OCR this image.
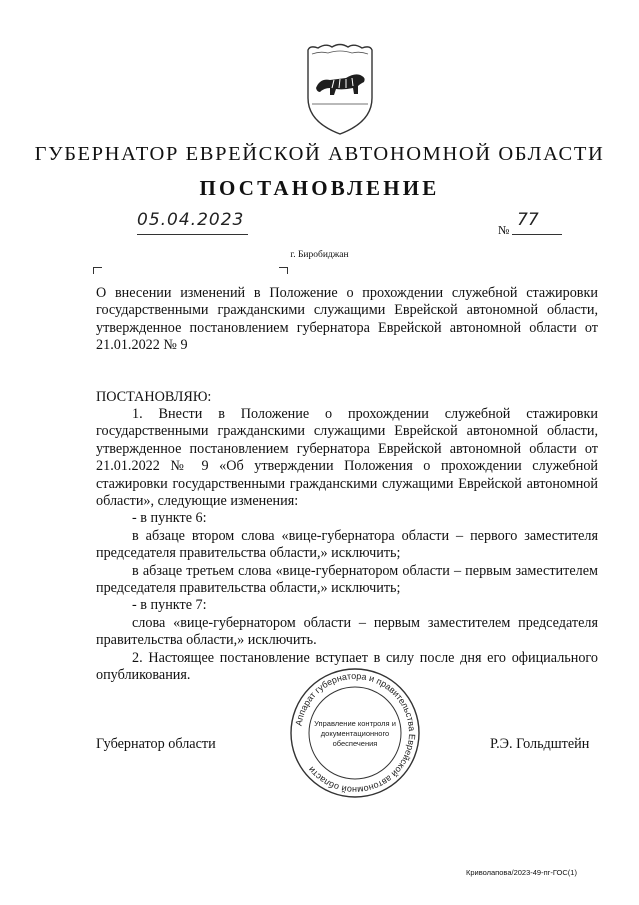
ГУБЕРНАТОР ЕВРЕЙСКОЙ АВТОНОМНОЙ ОБЛАСТИ
ПОСТАНОВЛЕНИЕ
05.04.2023	№ 77
г. Биробиджан
О внесении изменений в Положение о прохождении служебной стажировки государственными гражданскими служащими Еврейской автономной области, утвержденное постановлением губернатора Еврейской автономной области от 21.01.2022 № 9
ПОСТАНОВЛЯЮ:

1. Внести в Положение о прохождении служебной стажировки государственными гражданскими служащими Еврейской автономной области, утвержденное постановлением губернатора Еврейской автономной области от 21.01.2022 № 9 «Об утверждении Положения о прохождении служебной стажировки государственными гражданскими служащими Еврейской автономной области», следующие изменения:

- в пункте 6:

в абзаце втором слова «вице-губернатора области – первого заместителя председателя правительства области,» исключить;

в абзаце третьем слова «вице-губернатором области – первым заместителем председателя правительства области,» исключить;

- в пункте 7:

слова «вице-губернатором области – первым заместителем председателя правительства области,» исключить.

2. Настоящее постановление вступает в силу после дня его официального опубликования.

Губернатор области	Р.Э. Гольдштейн
Аппарат губернатора и правительства Еврейской автономной области
Управление контроля и
документационного
обеспечения
Криволапова/2023-49-пг-ГОС(1)
